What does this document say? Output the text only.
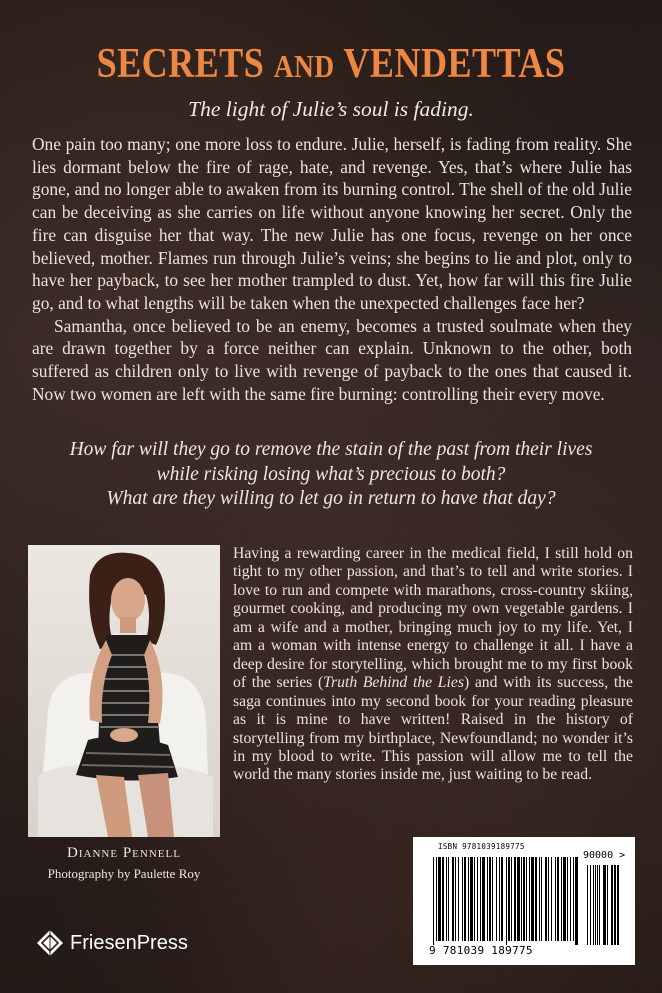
SECRETS AND VENDETTAS
The light of Julie’s soul is fading.

One pain too many; one more loss to endure. Julie, herself, is fading from reality. She lies dormant below the fire of rage, hate, and revenge. Yes, that’s where Julie has gone, and no longer able to awaken from its burning control. The shell of the old Julie can be deceiving as she carries on life without anyone knowing her secret. Only the fire can disguise her that way. The new Julie has one focus, revenge on her once believed, mother. Flames run through Julie’s veins; she begins to lie and plot, only to have her payback, to see her mother trampled to dust. Yet, how far will this fire Julie go, and to what lengths will be taken when the unexpected challenges face her?

Samantha, once believed to be an enemy, becomes a trusted soulmate when they are drawn together by a force neither can explain. Unknown to the other, both suffered as children only to live with revenge of payback to the ones that caused it. Now two women are left with the same fire burning: controlling their every move.

How far will they go to remove the stain of the past from their lives
while risking losing what’s precious to both?
What are they willing to let go in return to have that day?
Dianne Pennell
Photography by Paulette Roy

Having a rewarding career in the medical field, I still hold on tight to my other passion, and that’s to tell and write stories. I love to run and compete with marathons, cross-country skiing, gourmet cooking, and producing my own vegetable gardens. I am a wife and a mother, bringing much joy to my life. Yet, I am a woman with intense energy to challenge it all. I have a deep desire for storytelling, which brought me to my first book of the series (Truth Behind the Lies) and with its success, the saga continues into my second book for your reading pleasure as it is mine to have written! Raised in the history of storytelling from my birthplace, Newfoundland; no wonder it’s in my blood to write. This passion will allow me to tell the world the many stories inside me, just waiting to be read.

ISBN 9781039189775
90000 >
9 781039 189775
FriesenPress
